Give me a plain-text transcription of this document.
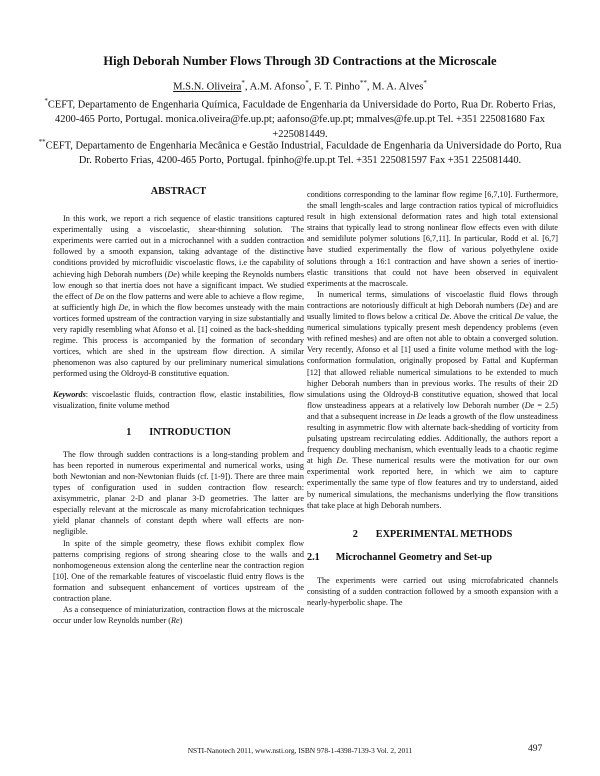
High Deborah Number Flows Through 3D Contractions at the Microscale
M.S.N. Oliveira*, A.M. Afonso*, F. T. Pinho**, M. A. Alves*
*CEFT, Departamento de Engenharia Química, Faculdade de Engenharia da Universidade do Porto, Rua Dr. Roberto Frias, 4200-465 Porto, Portugal. monica.oliveira@fe.up.pt; aafonso@fe.up.pt; mmalves@fe.up.pt Tel. +351 225081680 Fax +225081449.
**CEFT, Departamento de Engenharia Mecânica e Gestão Industrial, Faculdade de Engenharia da Universidade do Porto, Rua Dr. Roberto Frias, 4200-465 Porto, Portugal. fpinho@fe.up.pt Tel. +351 225081597 Fax +351 225081440.
ABSTRACT

In this work, we report a rich sequence of elastic transitions captured experimentally using a viscoelastic, shear-thinning solution. The experiments were carried out in a microchannel with a sudden contraction followed by a smooth expansion, taking advantage of the distinctive conditions provided by microfluidic viscoelastic flows, i.e the capability of achieving high Deborah numbers (De) while keeping the Reynolds numbers low enough so that inertia does not have a significant impact. We studied the effect of De on the flow patterns and were able to achieve a flow regime, at sufficiently high De, in which the flow becomes unsteady with the main vortices formed upstream of the contraction varying in size substantially and very rapidly resembling what Afonso et al. [1] coined as the back-shedding regime. This process is accompanied by the formation of secondary vortices, which are shed in the upstream flow direction. A similar phenomenon was also captured by our preliminary numerical simulations performed using the Oldroyd-B constitutive equation.

Keywords: viscoelastic fluids, contraction flow, elastic instabilities, flow visualization, finite volume method

1 INTRODUCTION

The flow through sudden contractions is a long-standing problem and has been reported in numerous experimental and numerical works, using both Newtonian and non-Newtonian fluids (cf. [1-9]). There are three main types of configuration used in sudden contraction flow research: axisymmetric, planar 2-D and planar 3-D geometries. The latter are especially relevant at the microscale as many microfabrication techniques yield planar channels of constant depth where wall effects are non-negligible.

In spite of the simple geometry, these flows exhibit complex flow patterns comprising regions of strong shearing close to the walls and nonhomogeneous extension along the centerline near the contraction region [10]. One of the remarkable features of viscoelastic fluid entry flows is the formation and subsequent enhancement of vortices upstream of the contraction plane.

As a consequence of miniaturization, contraction flows at the microscale occur under low Reynolds number (Re)

conditions corresponding to the laminar flow regime [6,7,10]. Furthermore, the small length-scales and large contraction ratios typical of microfluidics result in high extensional deformation rates and high total extensional strains that typically lead to strong nonlinear flow effects even with dilute and semidilute polymer solutions [6,7,11]. In particular, Rodd et al. [6,7] have studied experimentally the flow of various polyethylene oxide solutions through a 16:1 contraction and have shown a series of inertio-elastic transitions that could not have been observed in equivalent experiments at the macroscale.

In numerical terms, simulations of viscoelastic fluid flows through contractions are notoriously difficult at high Deborah numbers (De) and are usually limited to flows below a critical De. Above the critical De value, the numerical simulations typically present mesh dependency problems (even with refined meshes) and are often not able to obtain a converged solution. Very recently, Afonso et al [1] used a finite volume method with the log-conformation formulation, originally proposed by Fattal and Kupferman [12] that allowed reliable numerical simulations to be extended to much higher Deborah numbers than in previous works. The results of their 2D simulations using the Oldroyd-B constitutive equation, showed that local flow unsteadiness appears at a relatively low Deborah number (De = 2.5) and that a subsequent increase in De leads a growth of the flow unsteadiness resulting in asymmetric flow with alternate back-shedding of vorticity from pulsating upstream recirculating eddies. Additionally, the authors report a frequency doubling mechanism, which eventually leads to a chaotic regime at high De. These numerical results were the motivation for our own experimental work reported here, in which we aim to capture experimentally the same type of flow features and try to understand, aided by numerical simulations, the mechanisms underlying the flow transitions that take place at high Deborah numbers.

2 EXPERIMENTAL METHODS
2.1 Microchannel Geometry and Set-up

The experiments were carried out using microfabricated channels consisting of a sudden contraction followed by a smooth expansion with a nearly-hyperbolic shape. The

NSTI-Nanotech 2011, www.nsti.org, ISBN 978-1-4398-7139-3 Vol. 2, 2011	497
